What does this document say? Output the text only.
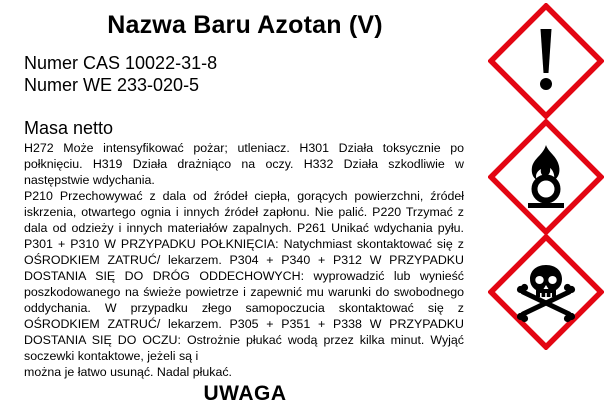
Nazwa Baru Azotan (V)
Numer CAS 10022-31-8
Numer WE 233-020-5
Masa netto

H272 Może intensyfikować pożar; utleniacz. H301 Działa toksycznie po połknięciu. H319 Działa drażniąco na oczy. H332 Działa szkodliwie w następstwie wdychania.

P210 Przechowywać z dala od źródeł ciepła, gorących powierzchni, źródeł iskrzenia, otwartego ognia i innych źródeł zapłonu. Nie palić. P220 Trzymać z dala od odzieży i innych materiałów zapalnych. P261 Unikać wdychania pyłu. P301 + P310 W PRZYPADKU POŁKNIĘCIA: Natychmiast skontaktować się z OŚRODKIEM ZATRUĆ/ lekarzem. P304 + P340 + P312 W PRZYPADKU DOSTANIA SIĘ DO DRÓG ODDECHOWYCH: wyprowadzić lub wynieść poszkodowanego na świeże powietrze i zapewnić mu warunki do swobodnego oddychania. W przypadku złego samopoczucia skontaktować się z OŚRODKIEM ZATRUĆ/ lekarzem. P305 + P351 + P338 W PRZYPADKU DOSTANIA SIĘ DO OCZU: Ostrożnie płukać wodą przez kilka minut. Wyjąć soczewki kontaktowe, jeżeli są i

można je łatwo usunąć. Nadal płukać.

UWAGA
